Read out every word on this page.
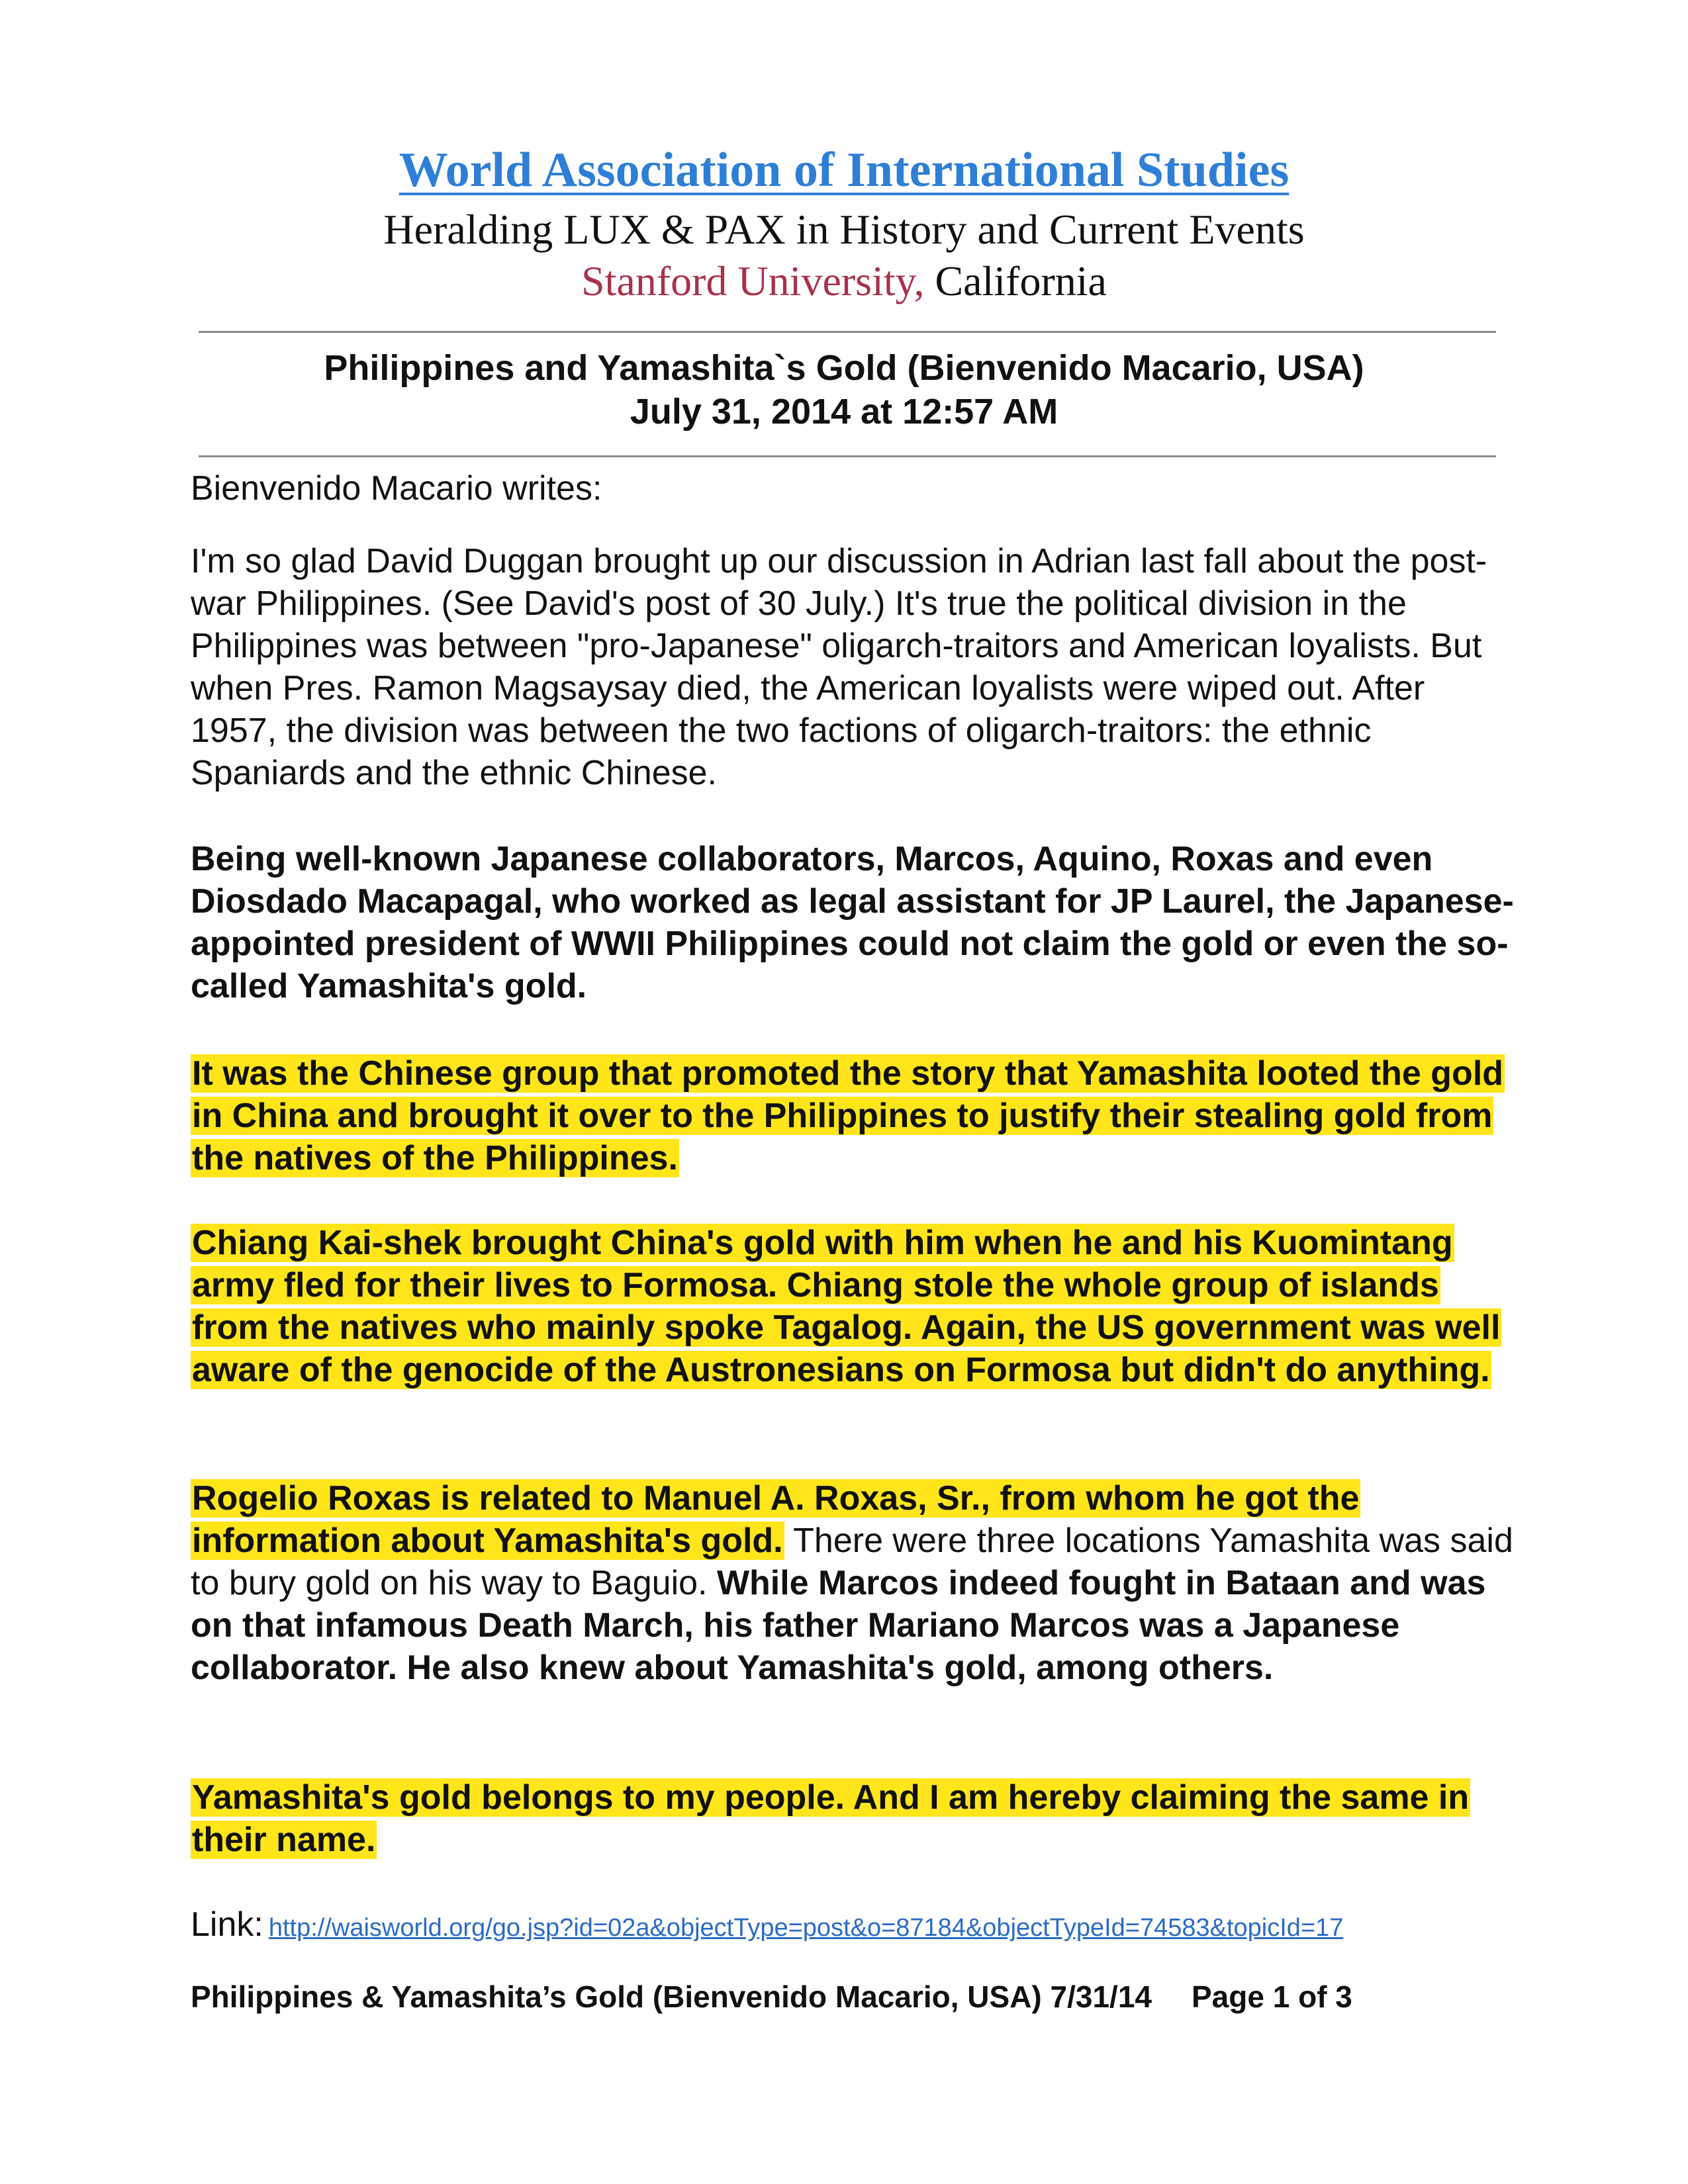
World Association of International Studies
Heralding LUX & PAX in History and Current Events
Stanford University, California
Philippines and Yamashita`s Gold (Bienvenido Macario, USA)
July 31, 2014 at 12:57 AM
Bienvenido Macario writes:
I'm so glad David Duggan brought up our discussion in Adrian last fall about the post-war Philippines. (See David's post of 30 July.) It's true the political division in the Philippines was between "pro-Japanese" oligarch-traitors and American loyalists. But when Pres. Ramon Magsaysay died, the American loyalists were wiped out. After 1957, the division was between the two factions of oligarch-traitors: the ethnic Spaniards and the ethnic Chinese.
Being well-known Japanese collaborators, Marcos, Aquino, Roxas and even Diosdado Macapagal, who worked as legal assistant for JP Laurel, the Japanese-appointed president of WWII Philippines could not claim the gold or even the so-called Yamashita's gold.
It was the Chinese group that promoted the story that Yamashita looted the gold in China and brought it over to the Philippines to justify their stealing gold from the natives of the Philippines.
Chiang Kai-shek brought China's gold with him when he and his Kuomintang army fled for their lives to Formosa. Chiang stole the whole group of islands from the natives who mainly spoke Tagalog. Again, the US government was well aware of the genocide of the Austronesians on Formosa but didn't do anything.
Rogelio Roxas is related to Manuel A. Roxas, Sr., from whom he got the information about Yamashita's gold. There were three locations Yamashita was said to bury gold on his way to Baguio. While Marcos indeed fought in Bataan and was on that infamous Death March, his father Mariano Marcos was a Japanese collaborator. He also knew about Yamashita's gold, among others.
Yamashita's gold belongs to my people. And I am hereby claiming the same in their name.
Link: http://waisworld.org/go.jsp?id=02a&objectType=post&o=87184&objectTypeId=74583&topicId=17
Philippines & Yamashita’s Gold (Bienvenido Macario, USA) 7/31/14 Page 1 of 3
